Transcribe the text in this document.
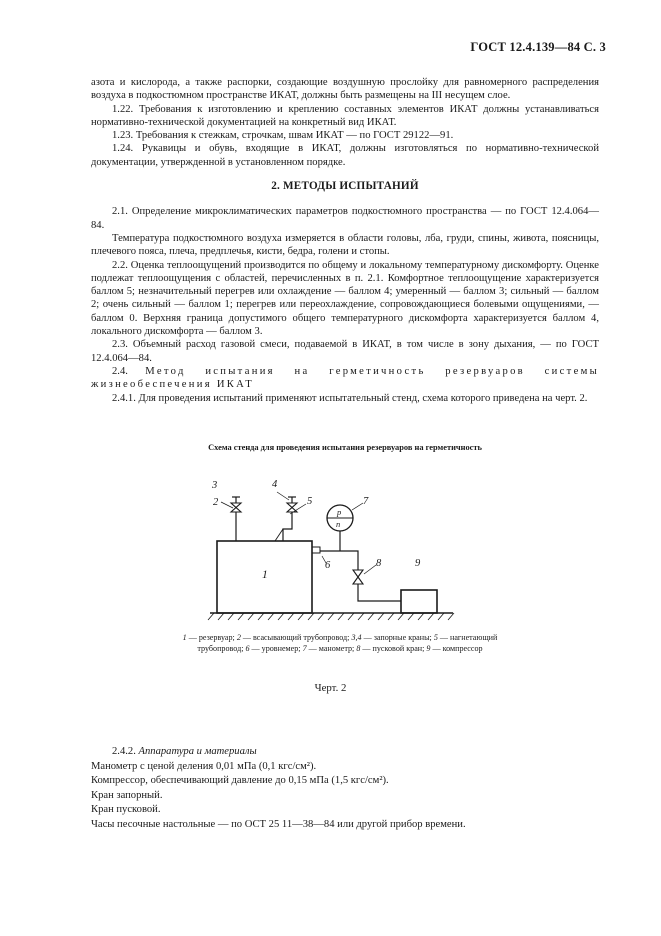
ГОСТ 12.4.139—84 С. 3

азота и кислорода, а также распорки, создающие воздушную прослойку для равномерного распределения воздуха в подкостюмном пространстве ИКАТ, должны быть размещены на III несущем слое.

1.22. Требования к изготовлению и креплению составных элементов ИКАТ должны устанавливаться нормативно-технической документацией на конкретный вид ИКАТ.

1.23. Требования к стежкам, строчкам, швам ИКАТ — по ГОСТ 29122—91.

1.24. Рукавицы и обувь, входящие в ИКАТ, должны изготовляться по нормативно-технической документации, утвержденной в установленном порядке.

2. МЕТОДЫ ИСПЫТАНИЙ

2.1. Определение микроклиматических параметров подкостюмного пространства — по ГОСТ 12.4.064—84.

Температура подкостюмного воздуха измеряется в области головы, лба, груди, спины, живота, поясницы, плечевого пояса, плеча, предплечья, кисти, бедра, голени и стопы.

2.2. Оценка теплоощущений производится по общему и локальному температурному дискомфорту. Оценке подлежат теплоощущения с областей, перечисленных в п. 2.1. Комфортное теплоощущение характеризуется баллом 5; незначительный перегрев или охлаждение — баллом 4; умеренный — баллом 3; сильный — баллом 2; очень сильный — баллом 1; перегрев или переохлаждение, сопровождающиеся болевыми ощущениями, — баллом 0. Верхняя граница допустимого общего температурного дискомфорта характеризуется баллом 4, локального дискомфорта — баллом 3.

2.3. Объемный расход газовой смеси, подаваемой в ИКАТ, в том числе в зону дыхания, — по ГОСТ 12.4.064—84.

2.4. Метод испытания на герметичность резервуаров системы жизнеобеспечения ИКАТ

2.4.1. Для проведения испытаний применяют испытательный стенд, схема которого приведена на черт. 2.

Схема стенда для проведения испытания резервуаров на герметичность
3
2
4
5	7
6	8	9
1
p
п
1 — резервуар; 2 — всасывающий трубопровод; 3,4 — запорные краны; 5 — нагнетающий трубопровод; 6 — уровнемер; 7 — манометр; 8 — пусковой кран; 9 — компрессор
Черт. 2

2.4.2. Аппаратура и материалы

Манометр с ценой деления 0,01 мПа (0,1 кгс/см²).

Компрессор, обеспечивающий давление до 0,15 мПа (1,5 кгс/см²).

Кран запорный.

Кран пусковой.

Часы песочные настольные — по ОСТ 25 11—38—84 или другой прибор времени.
